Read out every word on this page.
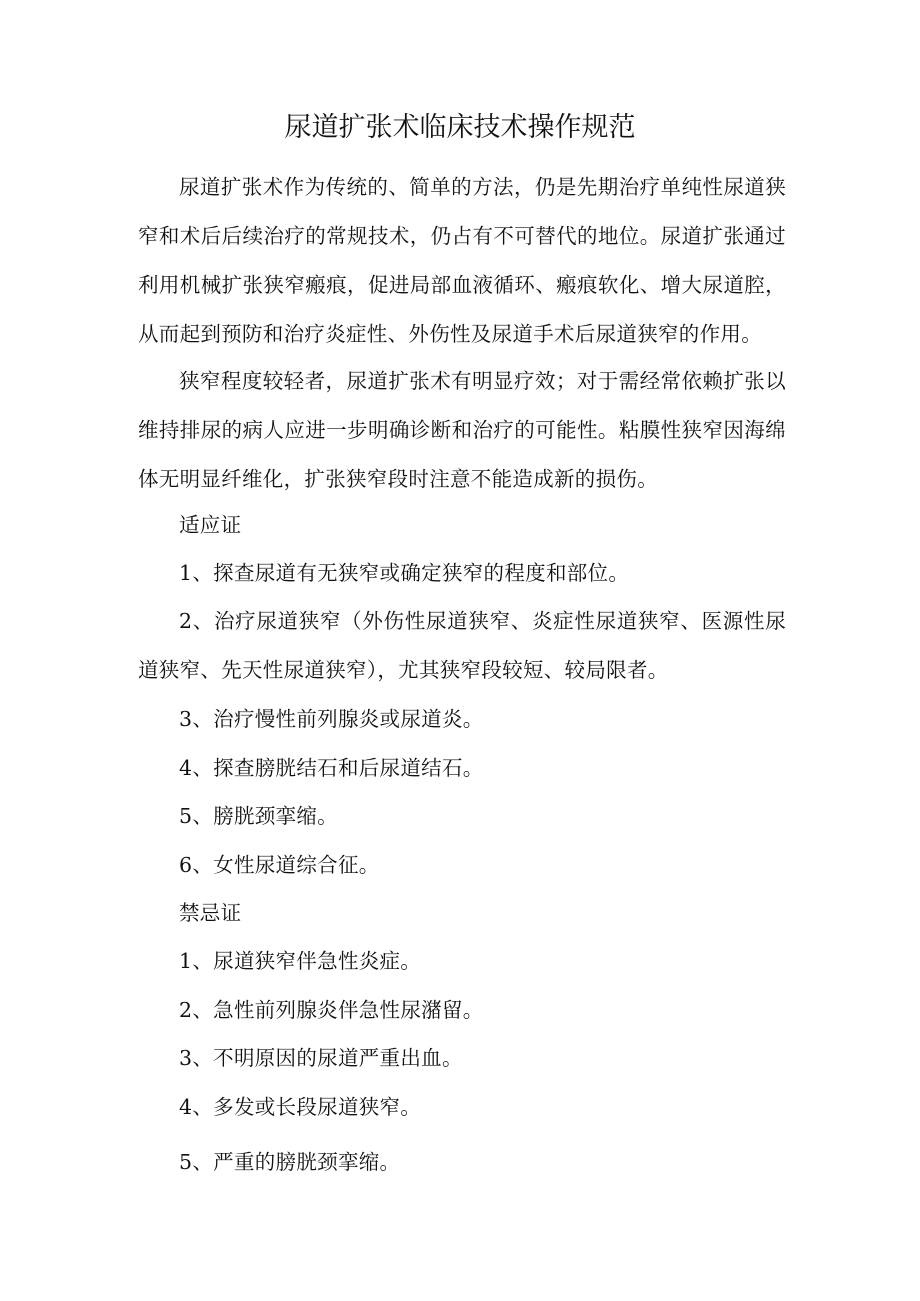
尿道扩张术临床技术操作规范

尿道扩张术作为传统的、简单的方法，仍是先期治疗单纯性尿道狭窄和术后后续治疗的常规技术，仍占有不可替代的地位。尿道扩张通过利用机械扩张狭窄瘢痕，促进局部血液循环、瘢痕软化、增大尿道腔，从而起到预防和治疗炎症性、外伤性及尿道手术后尿道狭窄的作用。

狭窄程度较轻者，尿道扩张术有明显疗效；对于需经常依赖扩张以维持排尿的病人应进一步明确诊断和治疗的可能性。粘膜性狭窄因海绵体无明显纤维化，扩张狭窄段时注意不能造成新的损伤。

适应证

1、探查尿道有无狭窄或确定狭窄的程度和部位。

2、治疗尿道狭窄（外伤性尿道狭窄、炎症性尿道狭窄、医源性尿道狭窄、先天性尿道狭窄），尤其狭窄段较短、较局限者。

3、治疗慢性前列腺炎或尿道炎。

4、探查膀胱结石和后尿道结石。

5、膀胱颈挛缩。

6、女性尿道综合征。

禁忌证

1、尿道狭窄伴急性炎症。

2、急性前列腺炎伴急性尿潴留。

3、不明原因的尿道严重出血。

4、多发或长段尿道狭窄。

5、严重的膀胱颈挛缩。
